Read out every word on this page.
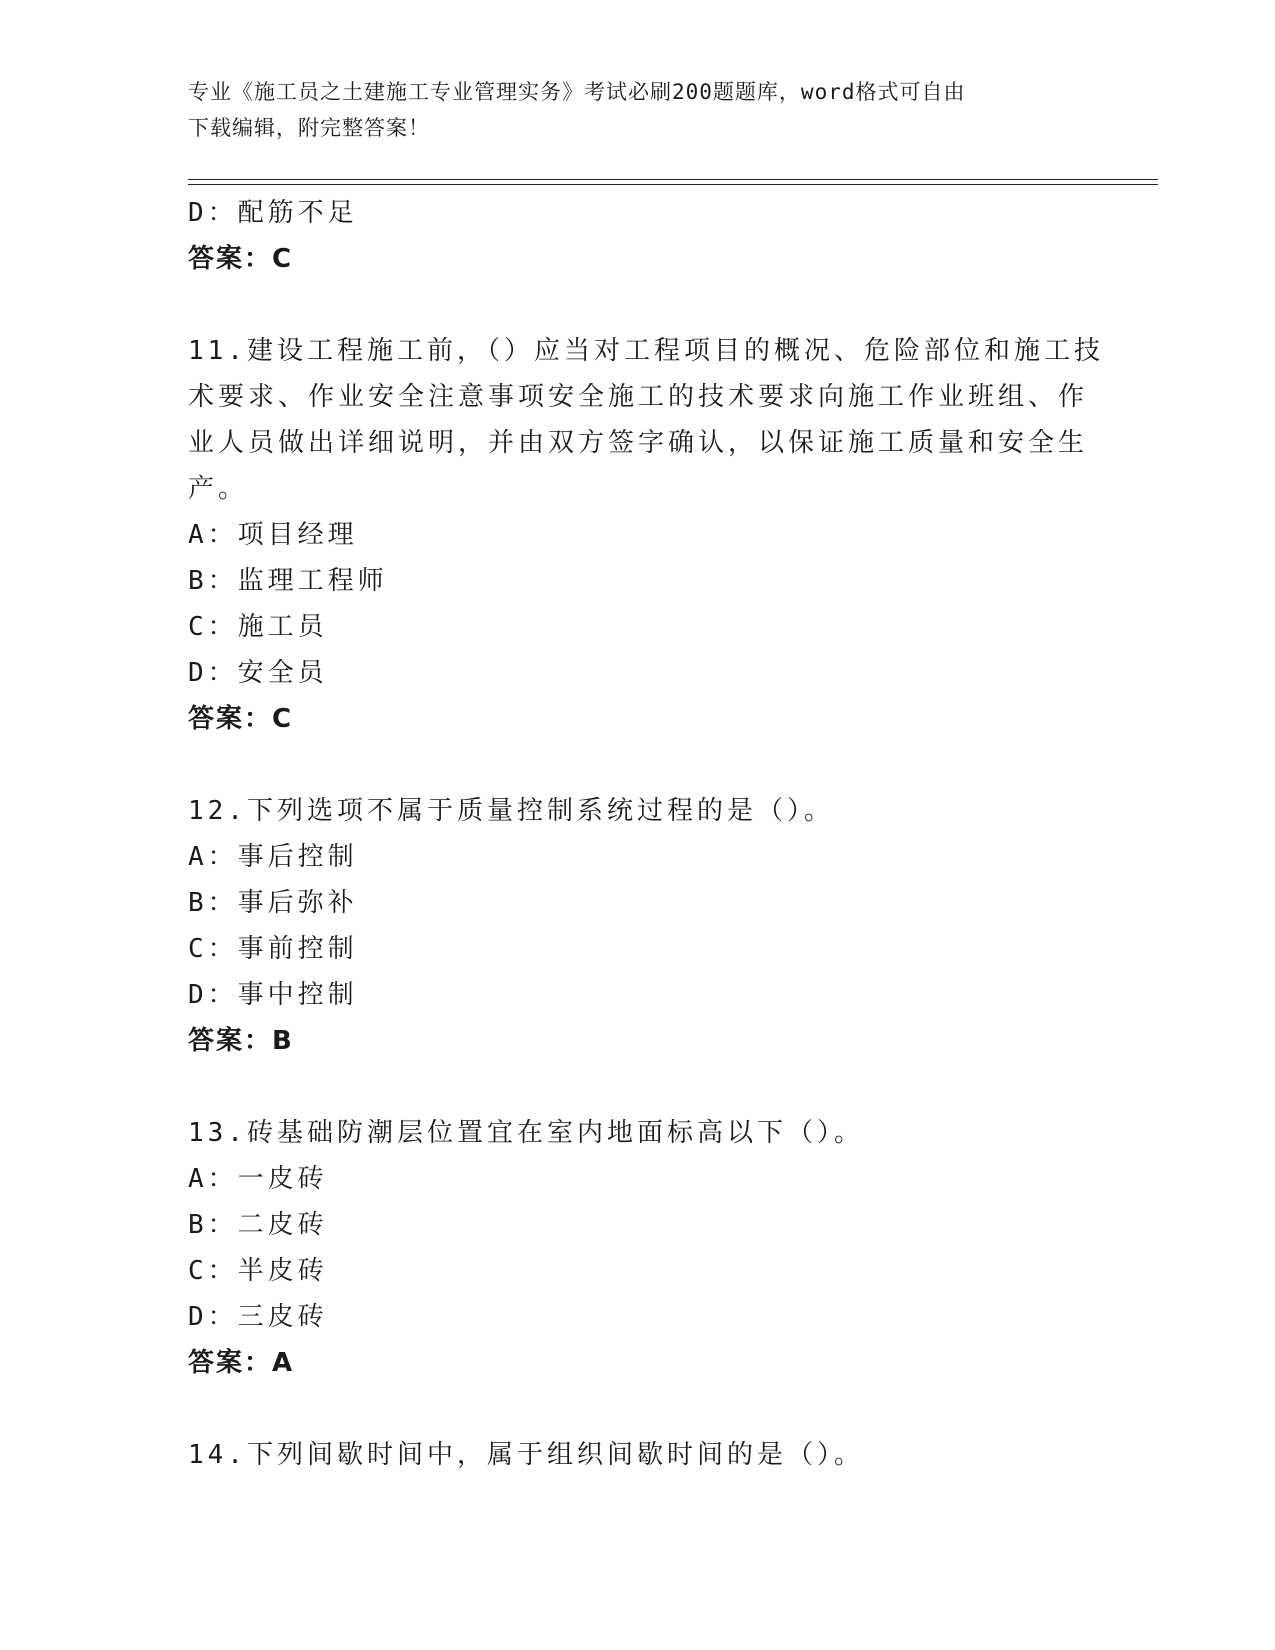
专业《施工员之土建施工专业管理实务》考试必刷200题题库，word格式可自由
下载编辑，附完整答案！
D：配筋不足
答案：C
11.建设工程施工前，（）应当对工程项目的概况、危险部位和施工技
术要求、作业安全注意事项安全施工的技术要求向施工作业班组、作
业人员做出详细说明，并由双方签字确认，以保证施工质量和安全生
产。
A：项目经理
B：监理工程师
C：施工员
D：安全员
答案：C
12.下列选项不属于质量控制系统过程的是（）。
A：事后控制
B：事后弥补
C：事前控制
D：事中控制
答案：B
13.砖基础防潮层位置宜在室内地面标高以下（）。
A：一皮砖
B：二皮砖
C：半皮砖
D：三皮砖
答案：A
14.下列间歇时间中，属于组织间歇时间的是（）。
